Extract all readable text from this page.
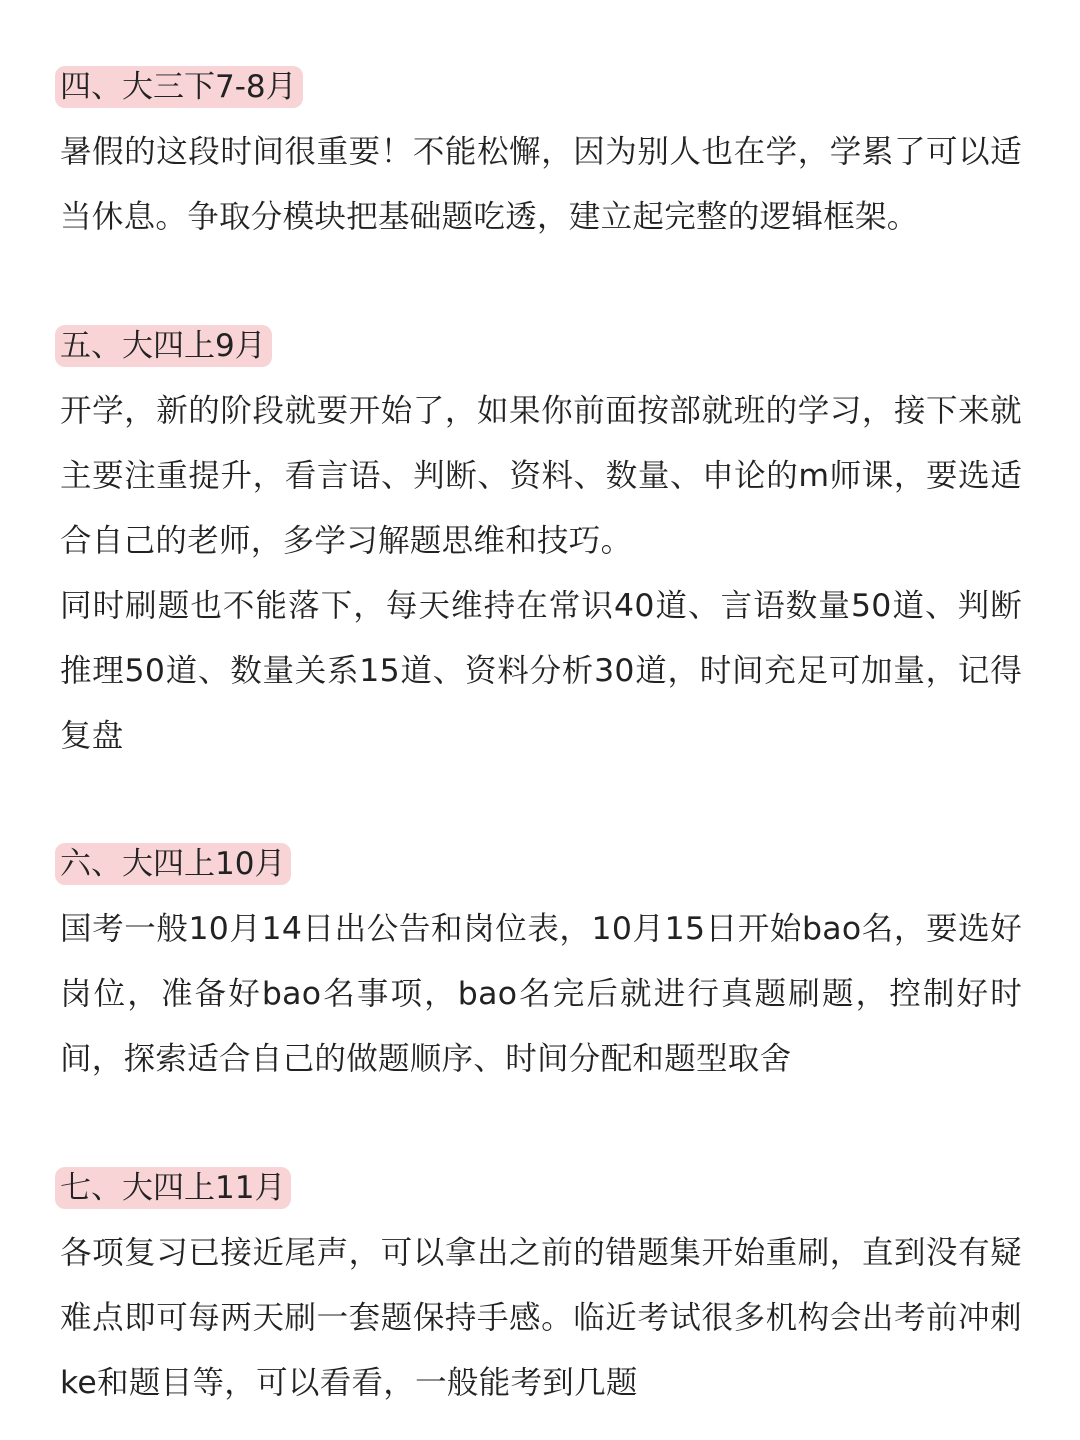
四、大三下7-8月

暑假的这段时间很重要！不能松懈，因为别人也在学，学累了可以适当休息。争取分模块把基础题吃透，建立起完整的逻辑框架。

五、大四上9月

开学，新的阶段就要开始了，如果你前面按部就班的学习，接下来就主要注重提升，看言语、判断、资料、数量、申论的m师课，要选适合自己的老师，多学习解题思维和技巧。

同时刷题也不能落下，每天维持在常识40道、言语数量50道、判断推理50道、数量关系15道、资料分析30道，时间充足可加量，记得复盘

六、大四上10月

国考一般10月14日出公告和岗位表，10月15日开始bao名，要选好岗位，准备好bao名事项，bao名完后就进行真题刷题，控制好时间，探索适合自己的做题顺序、时间分配和题型取舍

七、大四上11月

各项复习已接近尾声，可以拿出之前的错题集开始重刷，直到没有疑难点即可每两天刷一套题保持手感。临近考试很多机构会出考前冲刺ke和题目等，可以看看，一般能考到几题
